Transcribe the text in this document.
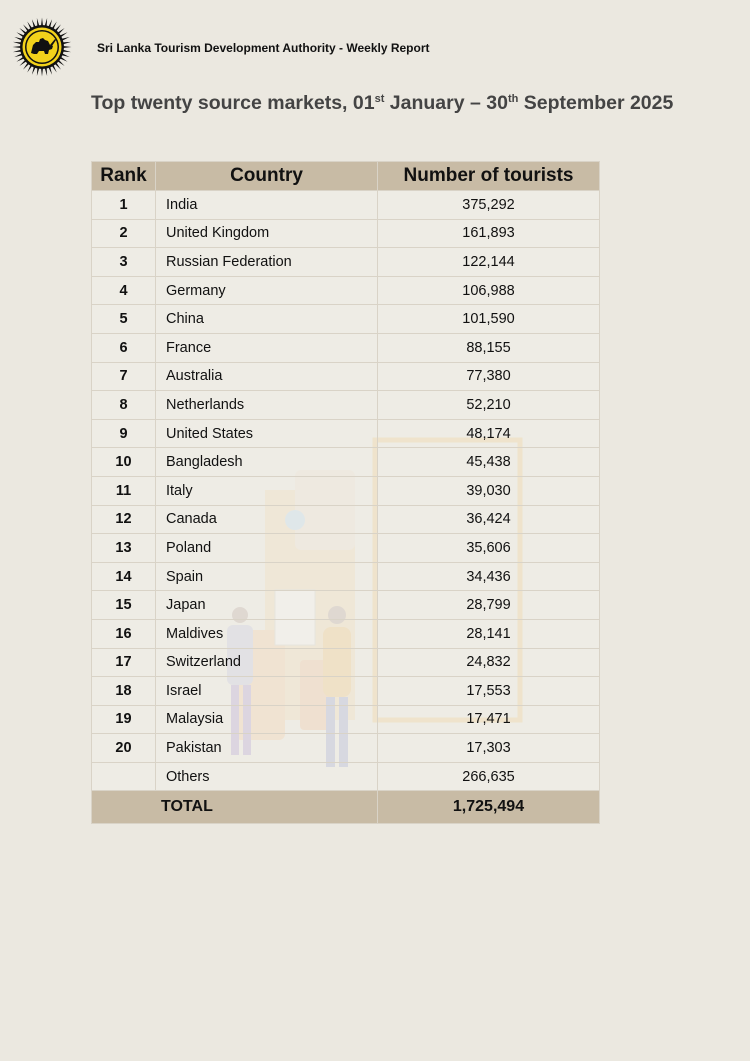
Sri Lanka Tourism Development Authority - Weekly Report
Top twenty source markets, 01st January – 30th September 2025
Rank	Country	Number of tourists
1	India	375,292
2	United Kingdom	161,893
3	Russian Federation	122,144
4	Germany	106,988
5	China	101,590
6	France	88,155
7	Australia	77,380
8	Netherlands	52,210
9	United States	48,174
10	Bangladesh	45,438
11	Italy	39,030
12	Canada	36,424
13	Poland	35,606
14	Spain	34,436
15	Japan	28,799
16	Maldives	28,141
17	Switzerland	24,832
18	Israel	17,553
19	Malaysia	17,471
20	Pakistan	17,303
	Others	266,635
TOTAL		1,725,494
